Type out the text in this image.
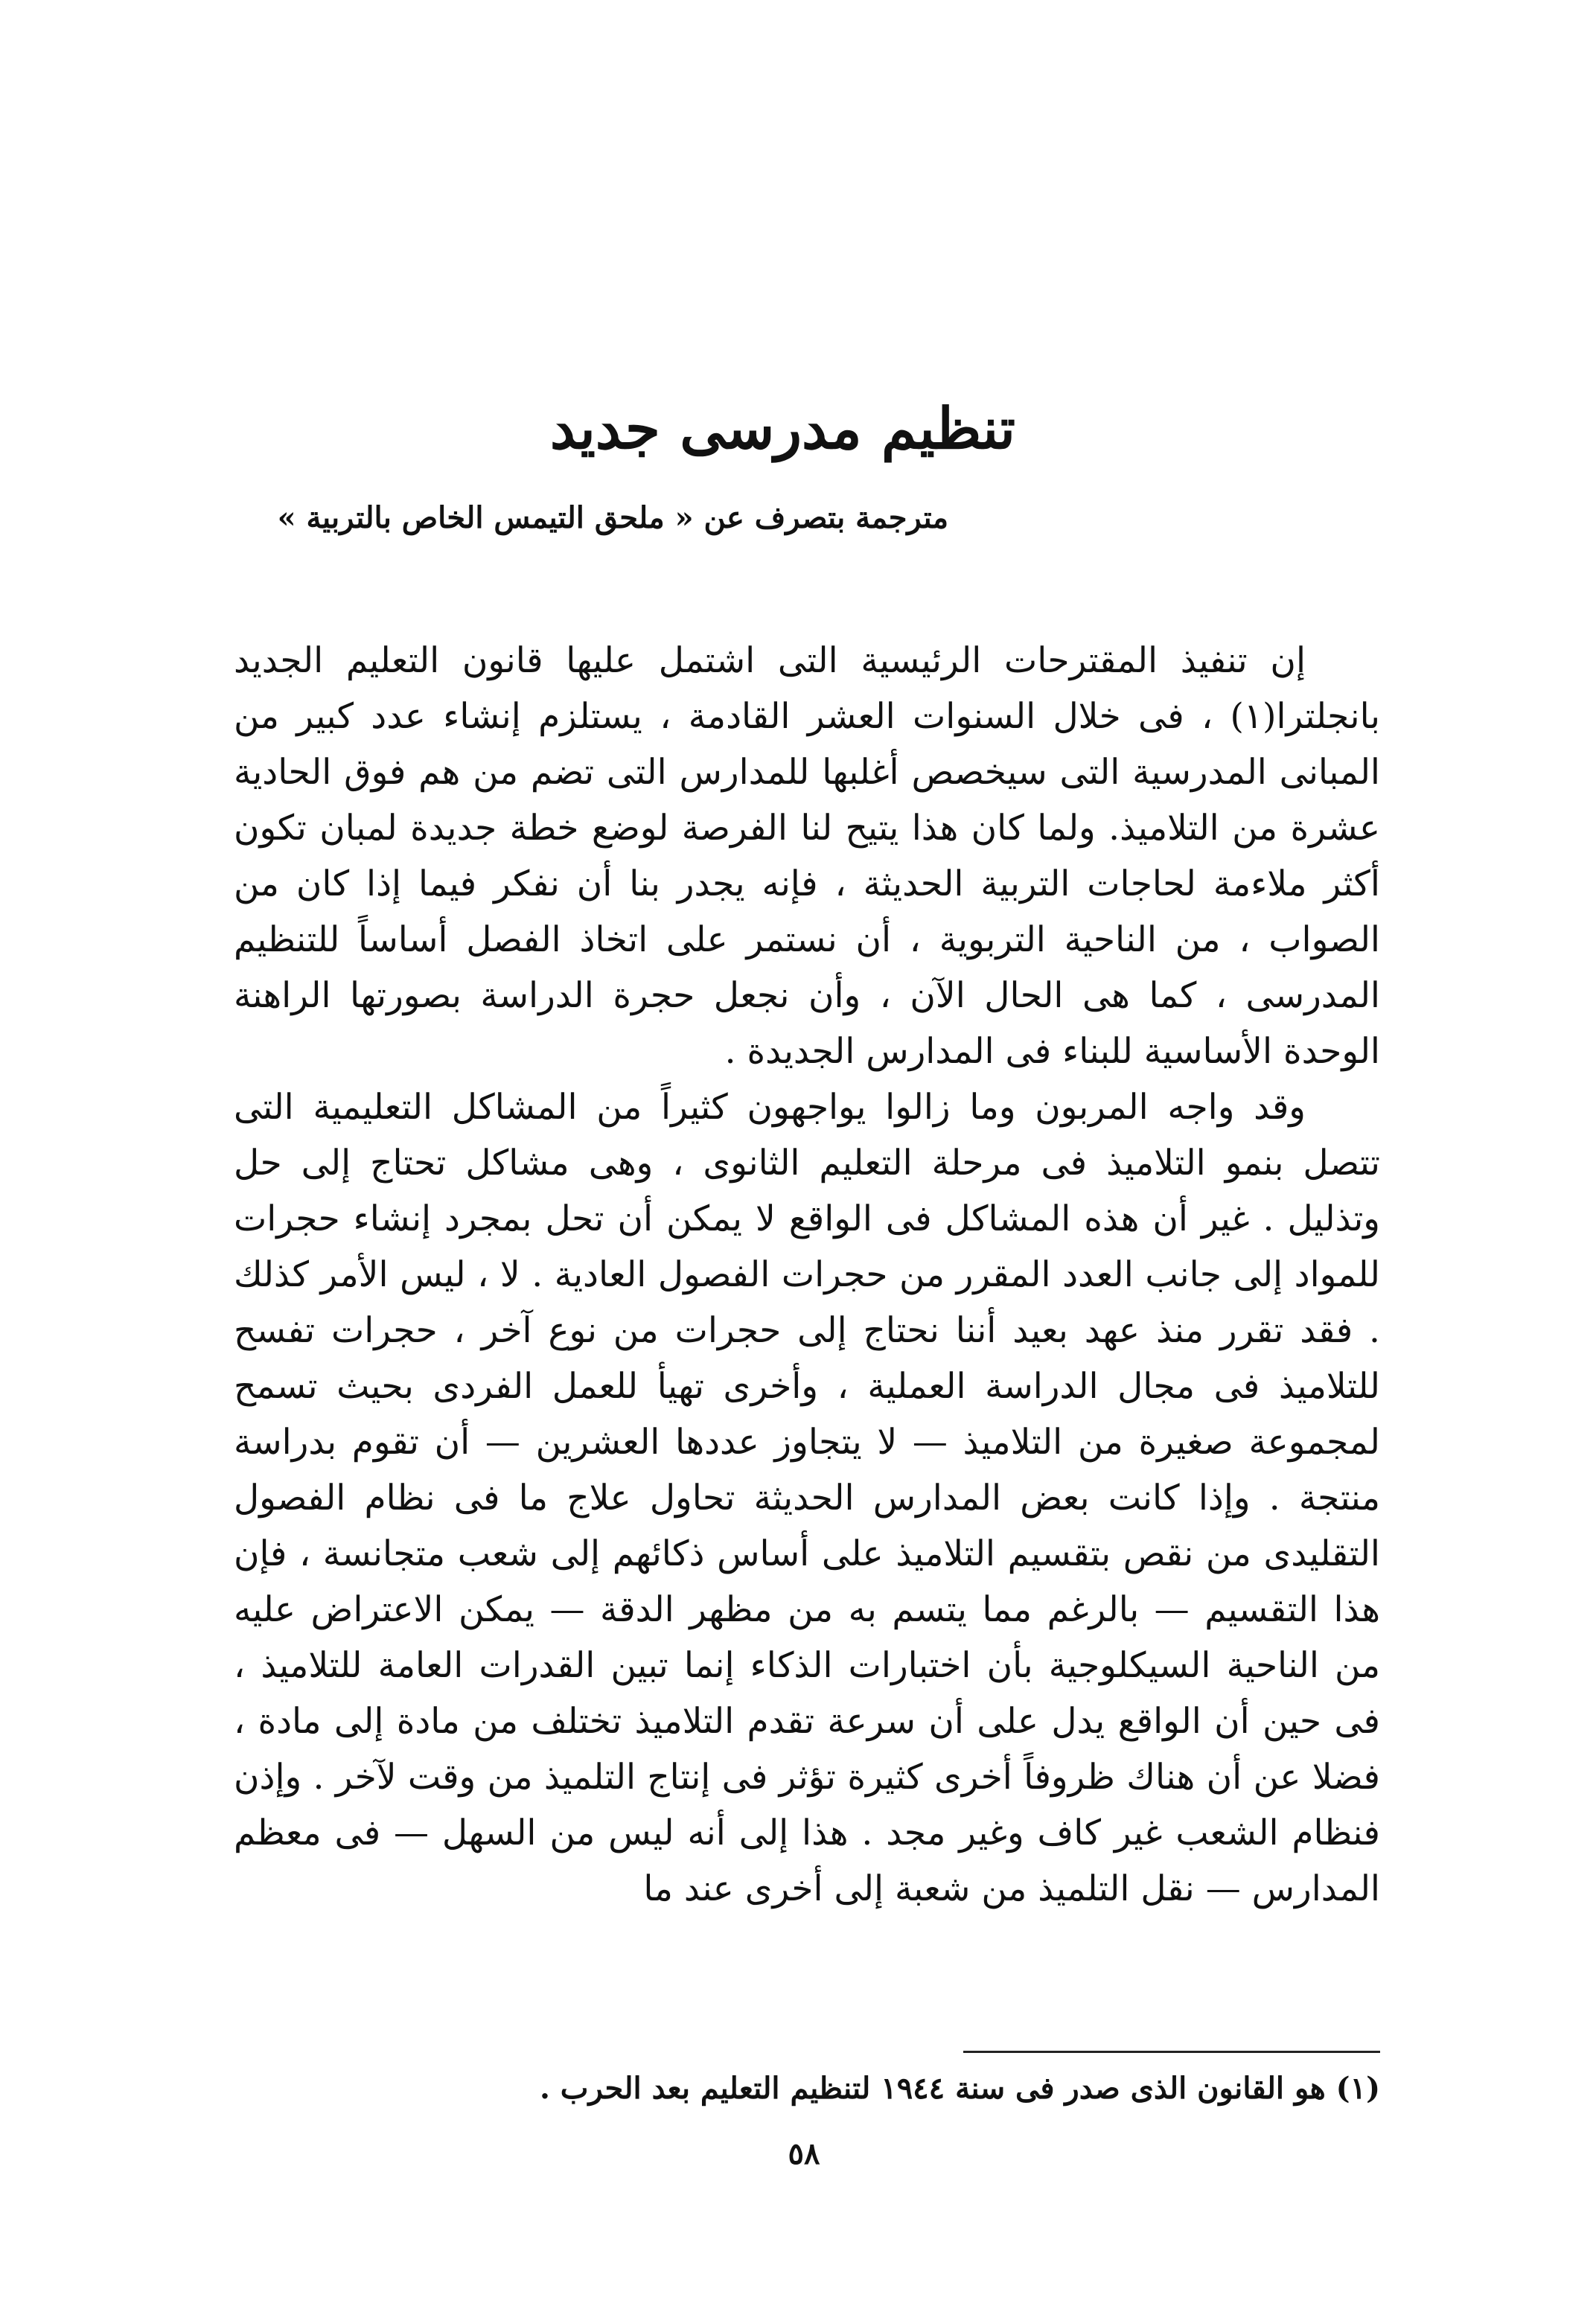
تنظيم مدرسى جديد
مترجمة بتصرف عن « ملحق التيمس الخاص بالتربية »

إن تنفيذ المقترحات الرئيسية التى اشتمل عليها قانون التعليم الجديد بانجلترا(١) ، فى خلال السنوات العشر القادمة ، يستلزم إنشاء عدد كبير من المبانى المدرسية التى سيخصص أغلبها للمدارس التى تضم من هم فوق الحادية عشرة من التلاميذ. ولما كان هذا يتيح لنا الفرصة لوضع خطة جديدة لمبان تكون أكثر ملاءمة لحاجات التربية الحديثة ، فإنه يجدر بنا أن نفكر فيما إذا كان من الصواب ، من الناحية التربوية ، أن نستمر على اتخاذ الفصل أساساً للتنظيم المدرسى ، كما هى الحال الآن ، وأن نجعل حجرة الدراسة بصورتها الراهنة الوحدة الأساسية للبناء فى المدارس الجديدة .

وقد واجه المربون وما زالوا يواجهون كثيراً من المشاكل التعليمية التى تتصل بنمو التلاميذ فى مرحلة التعليم الثانوى ، وهى مشاكل تحتاج إلى حل وتذليل . غير أن هذه المشاكل فى الواقع لا يمكن أن تحل بمجرد إنشاء حجرات للمواد إلى جانب العدد المقرر من حجرات الفصول العادية . لا ، ليس الأمر كذلك . فقد تقرر منذ عهد بعيد أننا نحتاج إلى حجرات من نوع آخر ، حجرات تفسح للتلاميذ فى مجال الدراسة العملية ، وأخرى تهيأ للعمل الفردى بحيث تسمح لمجموعة صغيرة من التلاميذ — لا يتجاوز عددها العشرين — أن تقوم بدراسة منتجة . وإذا كانت بعض المدارس الحديثة تحاول علاج ما فى نظام الفصول التقليدى من نقص بتقسيم التلاميذ على أساس ذكائهم إلى شعب متجانسة ، فإن هذا التقسيم — بالرغم مما يتسم به من مظهر الدقة — يمكن الاعتراض عليه من الناحية السيكلوجية بأن اختبارات الذكاء إنما تبين القدرات العامة للتلاميذ ، فى حين أن الواقع يدل على أن سرعة تقدم التلاميذ تختلف من مادة إلى مادة ، فضلا عن أن هناك ظروفاً أخرى كثيرة تؤثر فى إنتاج التلميذ من وقت لآخر . وإذن فنظام الشعب غير كاف وغير مجد . هذا إلى أنه ليس من السهل — فى معظم المدارس — نقل التلميذ من شعبة إلى أخرى عند ما

(١) هو القانون الذى صدر فى سنة ١٩٤٤ لتنظيم التعليم بعد الحرب .

٥٨
